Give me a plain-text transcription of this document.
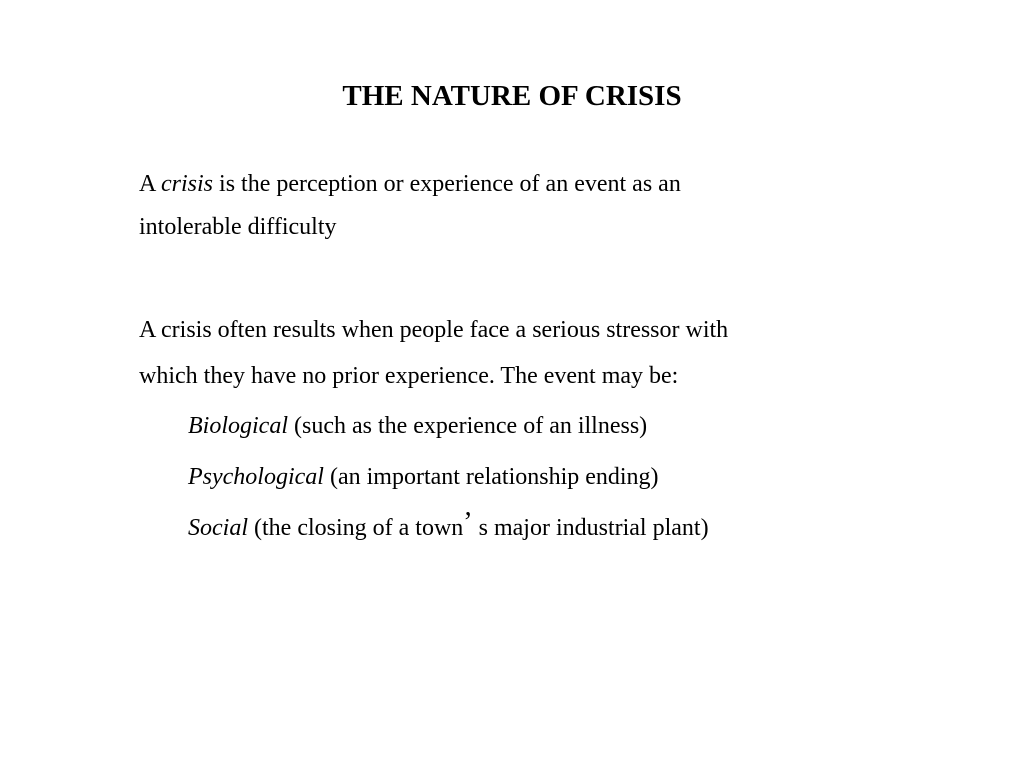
THE NATURE OF CRISIS
A crisis is the perception or experience of an event as an
intolerable difficulty
A crisis often results when people face a serious stressor with
which they have no prior experience. The event may be:
Biological (such as the experience of an illness)
Psychological (an important relationship ending)
Social (the closing of a town’ s major industrial plant)
